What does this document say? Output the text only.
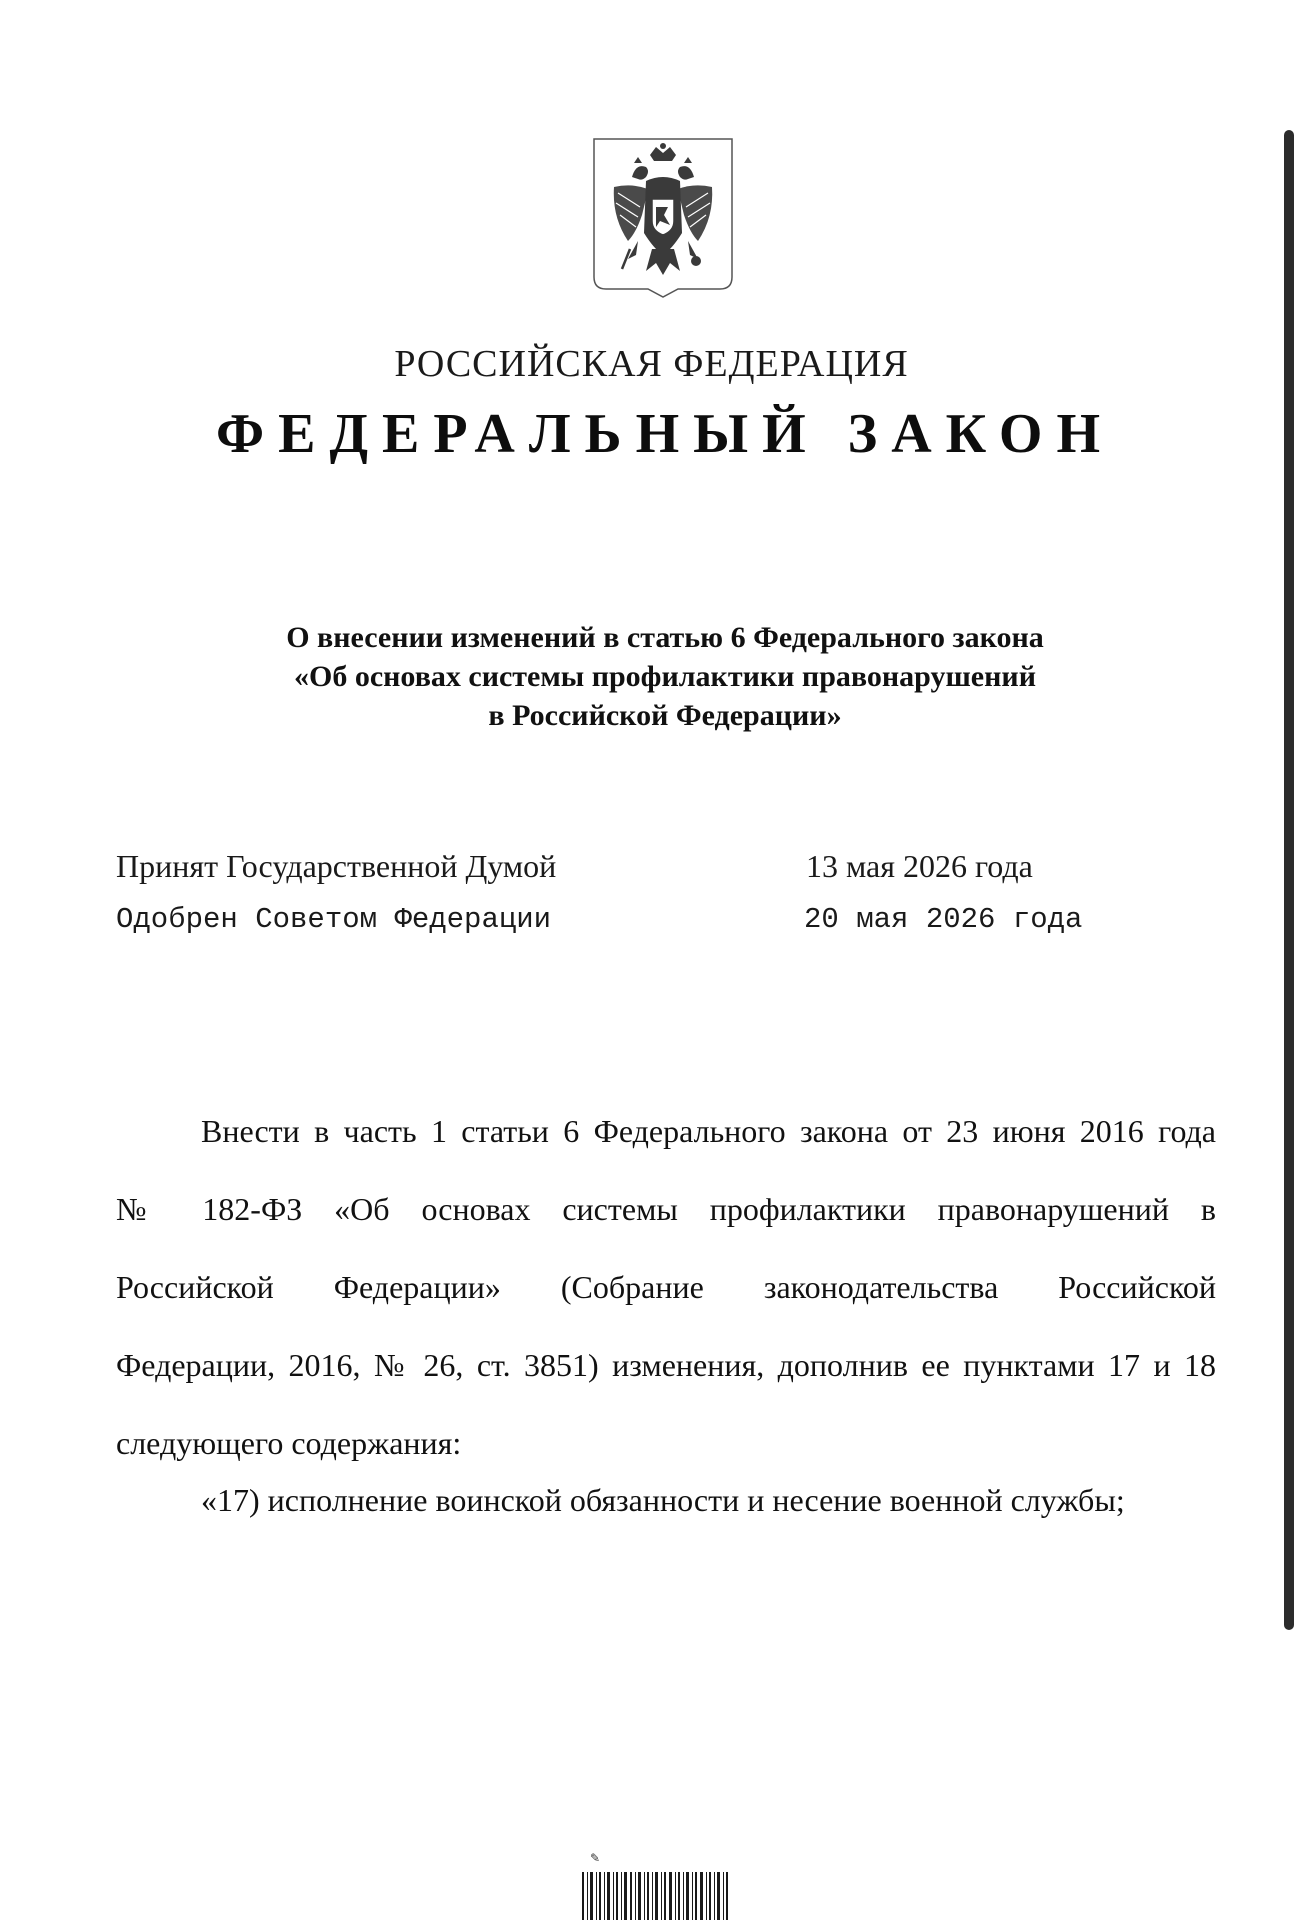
РОССИЙСКАЯ ФЕДЕРАЦИЯ
ФЕДЕРАЛЬНЫЙ ЗАКОН
О внесении изменений в статью 6 Федерального закона
«Об основах системы профилактики правонарушений
в Российской Федерации»
Принят Государственной Думой	13 мая 2026 года
Одобрен Советом Федерации	20 мая 2026 года
Внести в часть 1 статьи 6 Федерального закона от 23 июня 2016 года
№ 182-ФЗ «Об основах системы профилактики правонарушений в
Российской Федерации» (Собрание законодательства Российской
Федерации, 2016, № 26, ст. 3851) изменения, дополнив ее пунктами 17 и 18
следующего содержания:
«17) исполнение воинской обязанности и несение военной службы;
✎
